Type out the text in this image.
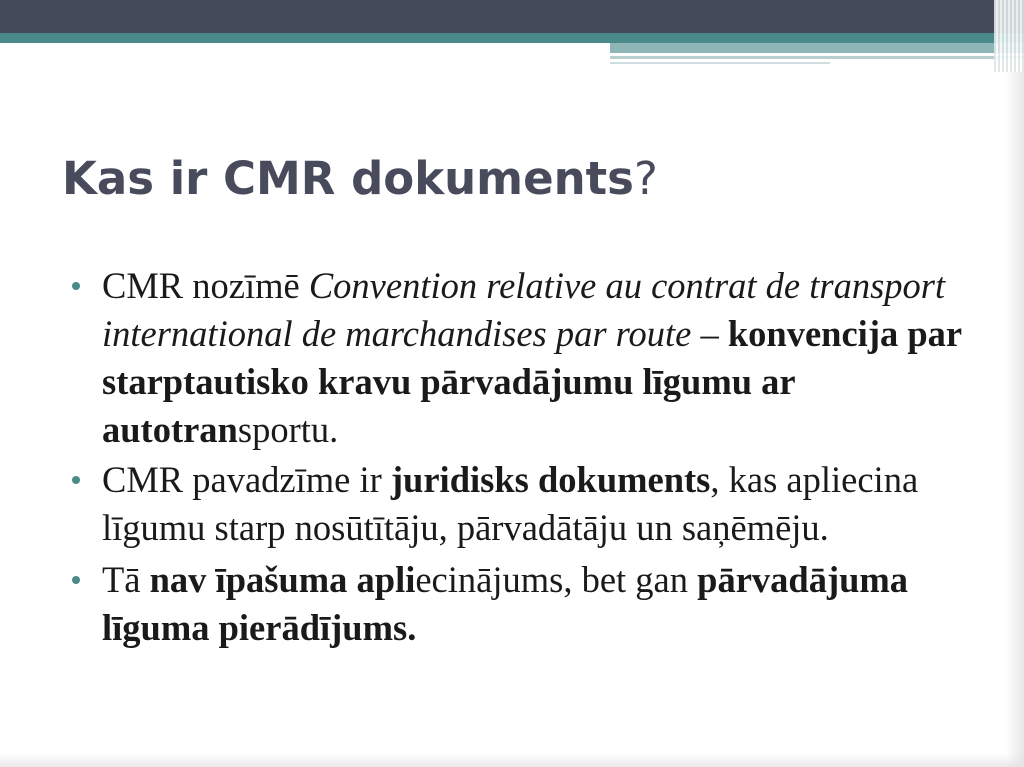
Kas ir CMR dokuments?
CMR nozīmē Convention relative au contrat de transport international de marchandises par route – konvencija par starptautisko kravu pārvadājumu līgumu ar autotransportu.
CMR pavadzīme ir juridisks dokuments, kas apliecina līgumu starp nosūtītāju, pārvadātāju un saņēmēju.
Tā nav īpašuma apliecinājums, bet gan pārvadājuma līguma pierādījums.
